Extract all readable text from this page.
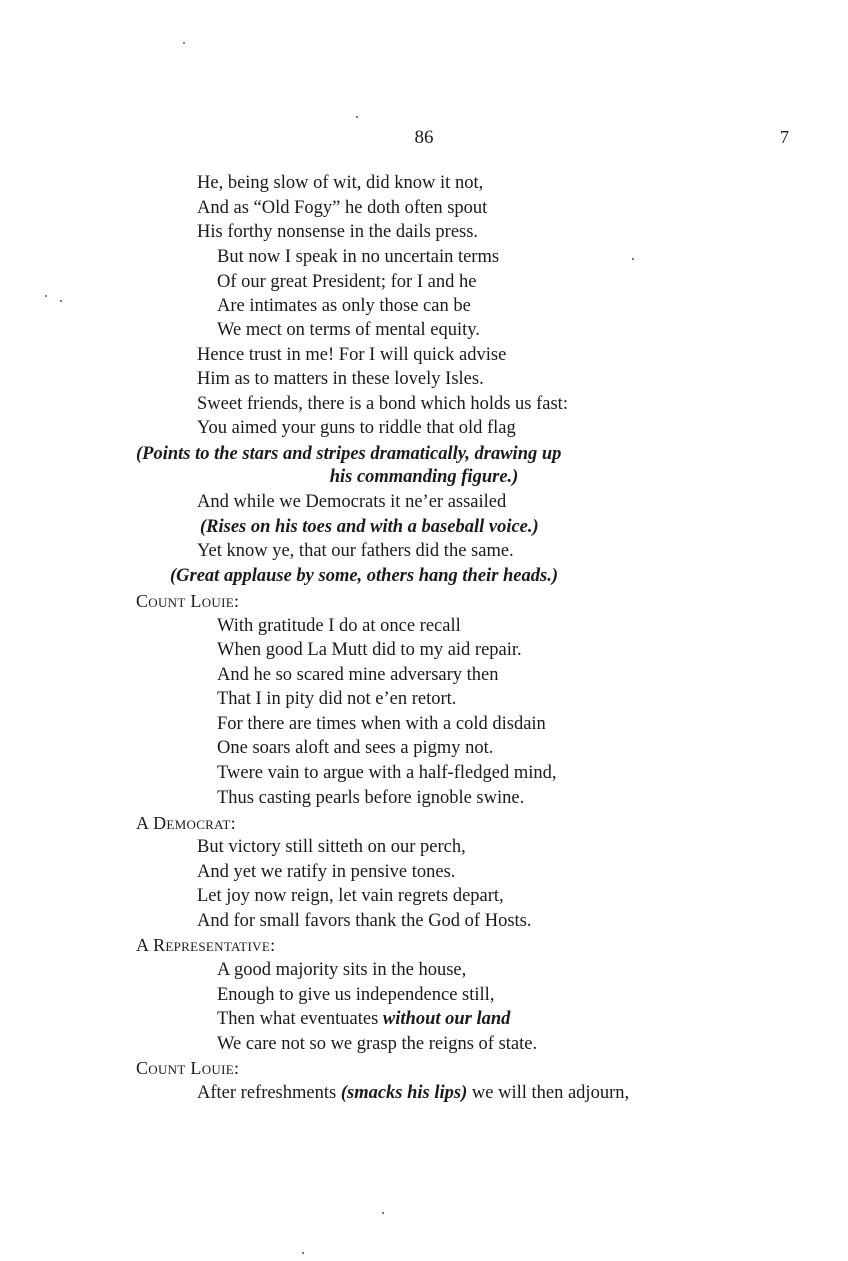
86	7
He, being slow of wit, did know it not,
And as “Old Fogy” he doth often spout
His forthy nonsense in the dails press.
But now I speak in no uncertain terms
Of our great President; for I and he
Are intimates as only those can be
We mect on terms of mental equity.
Hence trust in me! For I will quick advise
Him as to matters in these lovely Isles.
Sweet friends, there is a bond which holds us fast:
You aimed your guns to riddle that old flag
(Points to the stars and stripes dramatically, drawing up
his commanding figure.)
And while we Democrats it ne’er assailed
(Rises on his toes and with a baseball voice.)
Yet know ye, that our fathers did the same.
(Great applause by some, others hang their heads.)
Count Louie:
With gratitude I do at once recall
When good La Mutt did to my aid repair.
And he so scared mine adversary then
That I in pity did not e’en retort.
For there are times when with a cold disdain
One soars aloft and sees a pigmy not.
Twere vain to argue with a half-fledged mind,
Thus casting pearls before ignoble swine.
A Democrat:
But victory still sitteth on our perch,
And yet we ratify in pensive tones.
Let joy now reign, let vain regrets depart,
And for small favors thank the God of Hosts.
A Representative:
A good majority sits in the house,
Enough to give us independence still,
Then what eventuates without our land
We care not so we grasp the reigns of state.
Count Louie:
After refreshments (smacks his lips) we will then adjourn,
